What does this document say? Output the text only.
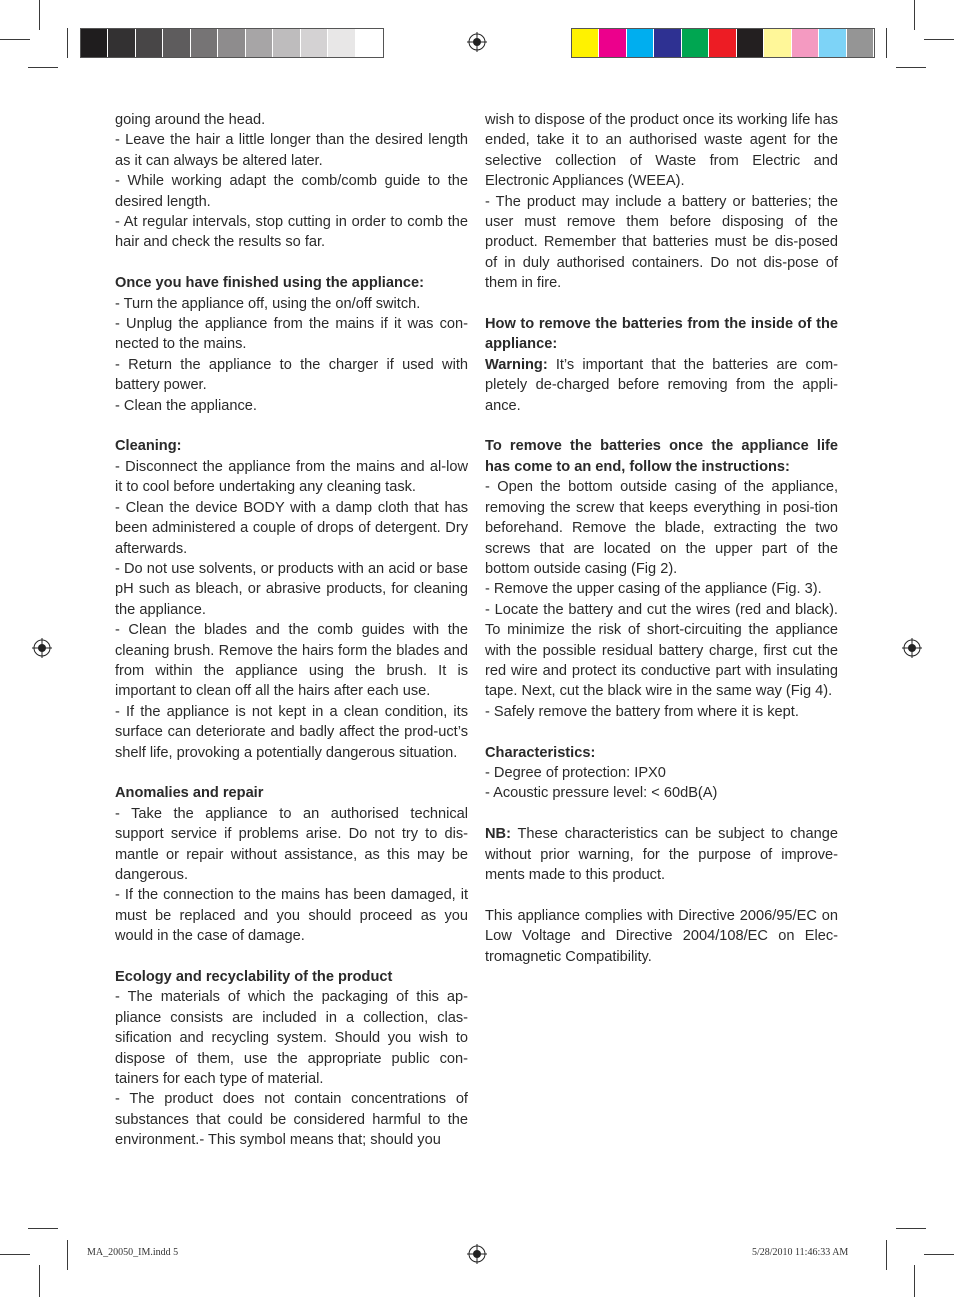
going around the head.

- Leave the hair a little longer than the desired length as it can always be altered later.

- While working adapt the comb/comb guide to the desired length.

- At regular intervals, stop cutting in order to comb the hair and check the results so far.

Once you have finished using the appliance:

- Turn the appliance off, using the on/off switch.

- Unplug the appliance from the mains if it was con-nected to the mains.

- Return the appliance to the charger if used with battery power.

- Clean the appliance.

Cleaning:

- Disconnect the appliance from the mains and al-low it to cool before undertaking any cleaning task.

- Clean the device BODY with a damp cloth that has been administered a couple of drops of detergent. Dry afterwards.

- Do not use solvents, or products with an acid or base pH such as bleach, or abrasive products, for cleaning the appliance.

- Clean the blades and the comb guides with the cleaning brush. Remove the hairs form the blades and from within the appliance using the brush. It is important to clean off all the hairs after each use.

- If the appliance is not kept in a clean condition, its surface can deteriorate and badly affect the prod-uct’s shelf life, provoking a potentially dangerous situation.

Anomalies and repair

- Take the appliance to an authorised technical support service if problems arise. Do not try to dis-mantle or repair without assistance, as this may be dangerous.

- If the connection to the mains has been damaged, it must be replaced and you should proceed as you would in the case of damage.

Ecology and recyclability of the product

- The materials of which the packaging of this ap-pliance consists are included in a collection, clas-sification and recycling system. Should you wish to dispose of them, use the appropriate public con-tainers for each type of material.

- The product does not contain concentrations of substances that could be considered harmful to the environment.- This symbol means that; should you

wish to dispose of the product once its working life has ended, take it to an authorised waste agent for the selective collection of Waste from Electric and Electronic Appliances (WEEA).

- The product may include a battery or batteries; the user must remove them before disposing of the product. Remember that batteries must be dis-posed of in duly authorised containers. Do not dis-pose of them in fire.

How to remove the batteries from the inside of the appliance:

Warning: It’s important that the batteries are com-pletely de-charged before removing from the appli-ance.

To remove the batteries once the appliance life has come to an end, follow the instructions:

- Open the bottom outside casing of the appliance, removing the screw that keeps everything in posi-tion beforehand. Remove the blade, extracting the two screws that are located on the upper part of the bottom outside casing (Fig 2).

- Remove the upper casing of the appliance (Fig. 3).

- Locate the battery and cut the wires (red and black). To minimize the risk of short-circuiting the appliance with the possible residual battery charge, first cut the red wire and protect its conductive part with insulating tape. Next, cut the black wire in the same way (Fig 4).

- Safely remove the battery from where it is kept.

Characteristics:

- Degree of protection: IPX0

- Acoustic pressure level: < 60dB(A)

NB: These characteristics can be subject to change without prior warning, for the purpose of improve-ments made to this product.

This appliance complies with Directive 2006/95/EC on Low Voltage and Directive 2004/108/EC on Elec-tromagnetic Compatibility.

MA_20050_IM.indd 5	5/28/2010 11:46:33 AM
